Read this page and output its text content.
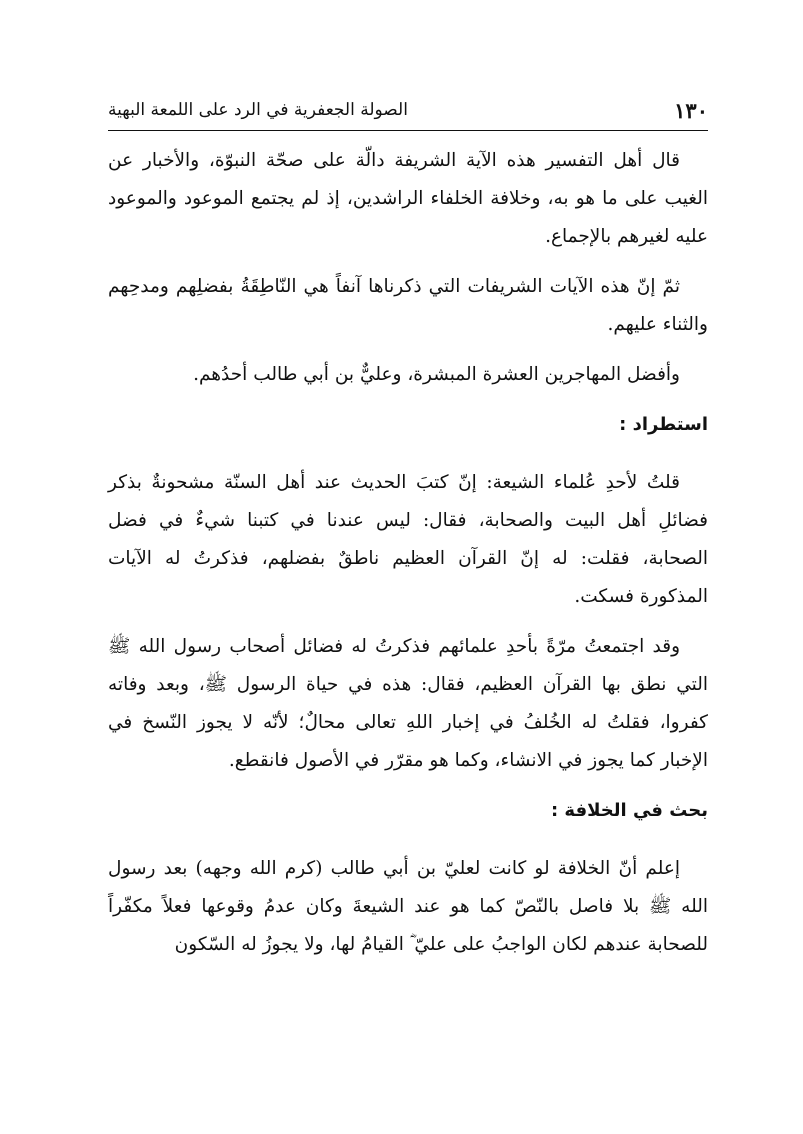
١٣٠
الصولة الجعفرية في الرد على اللمعة البهية

قال أهل التفسير هذه الآية الشريفة دالّة على صحّة النبوّة، والأخبار عن الغيب على ما هو به، وخلافة الخلفاء الراشدين، إذ لم يجتمع الموعود والموعود عليه لغيرهم بالإجماع.

ثمّ إنّ هذه الآيات الشريفات التي ذكرناها آنفاً هي النّاطِقَةُ بفضلِهم ومدحِهم والثناء عليهم.

وأفضل المهاجرين العشرة المبشرة، وعليٌّ بن أبي طالب أحدُهم.

استطراد :

قلتُ لأحدِ عُلماء الشيعة: إنّ كتبَ الحديث عند أهل السنّة مشحونةٌ بذكر فضائلِ أهل البيت والصحابة، فقال: ليس عندنا في كتبنا شيءٌ في فضل الصحابة، فقلت: له إنّ القرآن العظيم ناطقٌ بفضلهم، فذكرتُ له الآيات المذكورة فسكت.

وقد اجتمعتُ مرّةً بأحدِ علمائهم فذكرتُ له فضائل أصحاب رسول الله ﷺ التي نطق بها القرآن العظيم، فقال: هذه في حياة الرسول ﷺ، وبعد وفاته كفروا، فقلتُ له الخُلفُ في إخبار اللهِ تعالى محالٌ؛ لأنّه لا يجوز النّسخ في الإخبار كما يجوز في الانشاء، وكما هو مقرّر في الأصول فانقطع.

بحث في الخلافة :

إعلم أنّ الخلافة لو كانت لعليّ بن أبي طالب (كرم الله وجهه) بعد رسول الله ﷺ بلا فاصل بالنّصّ كما هو عند الشيعةَ وكان عدمُ وقوعها فعلاً مكفّراً للصحابة عندهم لكان الواجبُ على عليّ ؓ القيامُ لها، ولا يجوزُ له السّكون
